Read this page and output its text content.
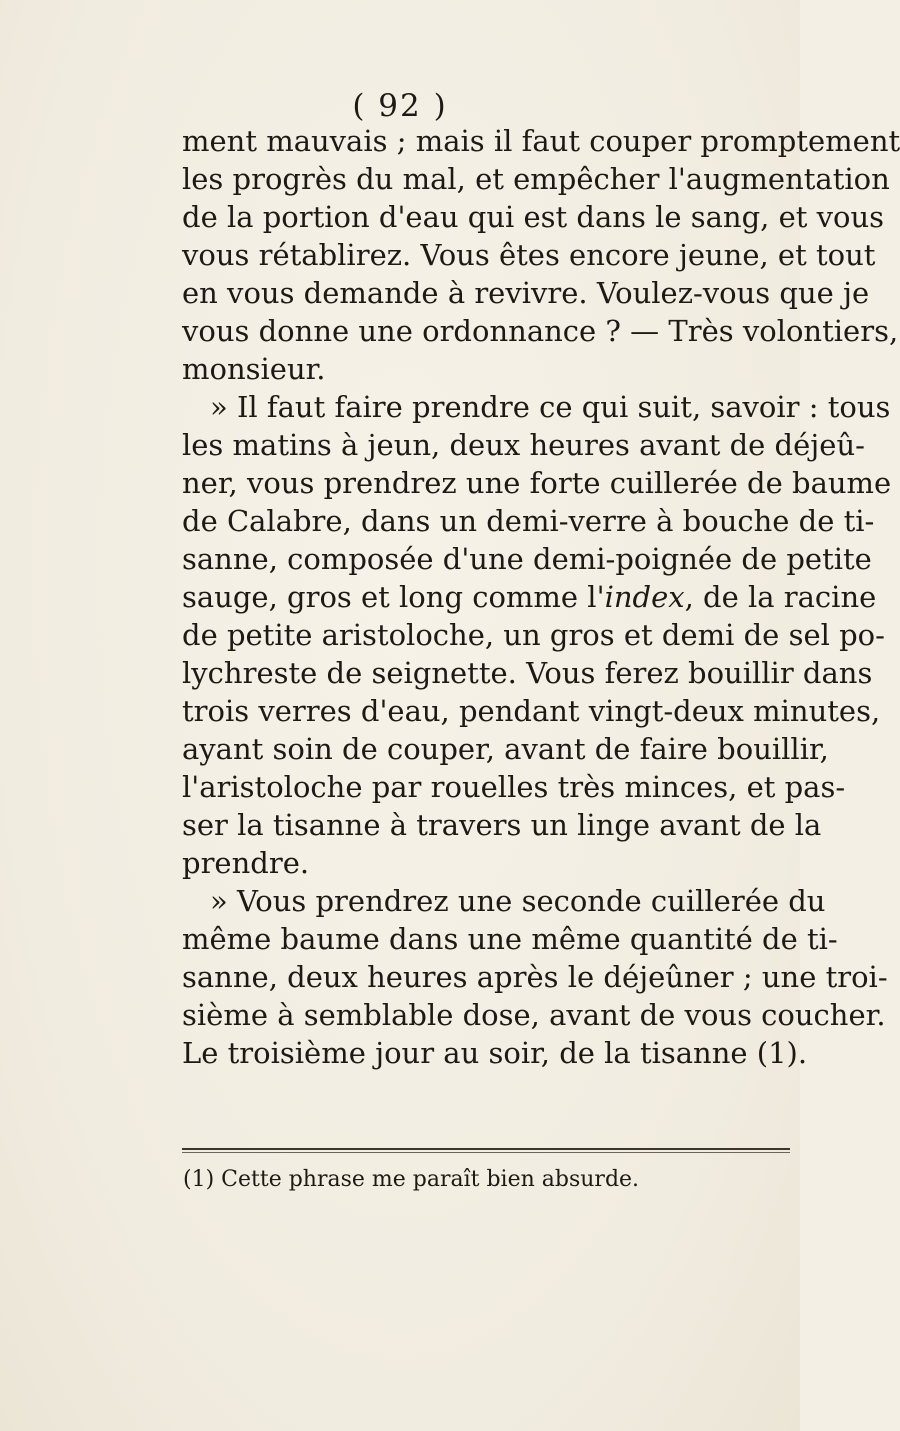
( 92 )
ment mauvais ; mais il faut couper promptement
les progrès du mal, et empêcher l'augmentation
de la portion d'eau qui est dans le sang, et vous
vous rétablirez. Vous êtes encore jeune, et tout
en vous demande à revivre. Voulez-vous que je
vous donne une ordonnance ? — Très volontiers,
monsieur.
» Il faut faire prendre ce qui suit, savoir : tous
les matins à jeun, deux heures avant de déjeû-
ner, vous prendrez une forte cuillerée de baume
de Calabre, dans un demi-verre à bouche de ti-
sanne, composée d'une demi-poignée de petite
sauge, gros et long comme l'index, de la racine
de petite aristoloche, un gros et demi de sel po-
lychreste de seignette. Vous ferez bouillir dans
trois verres d'eau, pendant vingt-deux minutes,
ayant soin de couper, avant de faire bouillir,
l'aristoloche par rouelles très minces, et pas-
ser la tisanne à travers un linge avant de la
prendre.
» Vous prendrez une seconde cuillerée du
même baume dans une même quantité de ti-
sanne, deux heures après le déjeûner ; une troi-
sième à semblable dose, avant de vous coucher.
Le troisième jour au soir, de la tisanne (1).
(1) Cette phrase me paraît bien absurde.
